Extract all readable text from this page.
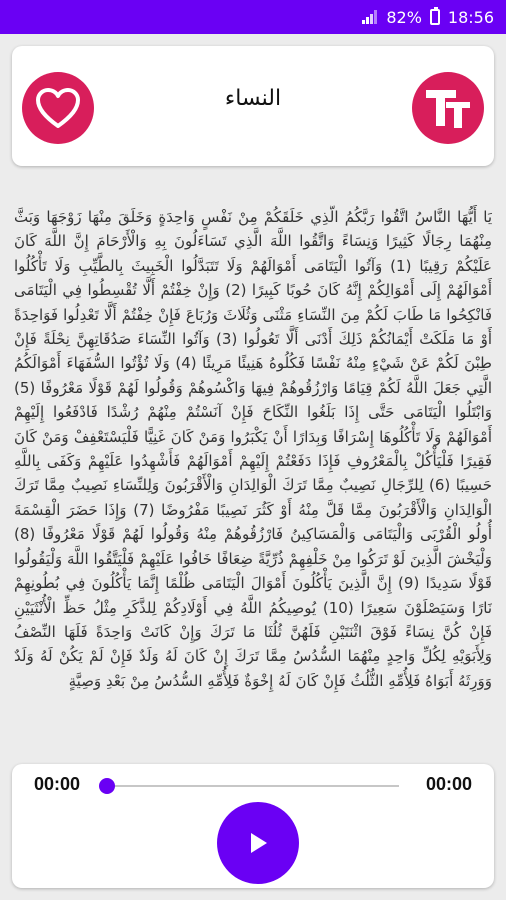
82% 18:56
النساء

يَا أَيُّهَا النَّاسُ اتَّقُوا رَبَّكُمُ الَّذِي خَلَقَكُمْ مِنْ نَفْسٍ وَاحِدَةٍ وَخَلَقَ مِنْهَا زَوْجَهَا وَبَثَّ مِنْهُمَا رِجَالًا كَثِيرًا وَنِسَاءً وَاتَّقُوا اللَّهَ الَّذِي تَسَاءَلُونَ بِهِ وَالْأَرْحَامَ إِنَّ اللَّهَ كَانَ عَلَيْكُمْ رَقِيبًا (1) وَآتُوا الْيَتَامَى أَمْوَالَهُمْ وَلَا تَتَبَدَّلُوا الْخَبِيثَ بِالطَّيِّبِ وَلَا تَأْكُلُوا أَمْوَالَهُمْ إِلَى أَمْوَالِكُمْ إِنَّهُ كَانَ حُوبًا كَبِيرًا (2) وَإِنْ خِفْتُمْ أَلَّا تُقْسِطُوا فِي الْيَتَامَى فَانْكِحُوا مَا طَابَ لَكُمْ مِنَ النِّسَاءِ مَثْنَى وَثُلَاثَ وَرُبَاعَ فَإِنْ خِفْتُمْ أَلَّا تَعْدِلُوا فَوَاحِدَةً أَوْ مَا مَلَكَتْ أَيْمَانُكُمْ ذَلِكَ أَدْنَى أَلَّا تَعُولُوا (3) وَآتُوا النِّسَاءَ صَدُقَاتِهِنَّ نِحْلَةً فَإِنْ طِبْنَ لَكُمْ عَنْ شَيْءٍ مِنْهُ نَفْسًا فَكُلُوهُ هَنِيئًا مَرِيئًا (4) وَلَا تُؤْتُوا السُّفَهَاءَ أَمْوَالَكُمُ الَّتِي جَعَلَ اللَّهُ لَكُمْ قِيَامًا وَارْزُقُوهُمْ فِيهَا وَاكْسُوهُمْ وَقُولُوا لَهُمْ قَوْلًا مَعْرُوفًا (5) وَابْتَلُوا الْيَتَامَى حَتَّى إِذَا بَلَغُوا النِّكَاحَ فَإِنْ آنَسْتُمْ مِنْهُمْ رُشْدًا فَادْفَعُوا إِلَيْهِمْ أَمْوَالَهُمْ وَلَا تَأْكُلُوهَا إِسْرَافًا وَبِدَارًا أَنْ يَكْبَرُوا وَمَنْ كَانَ غَنِيًّا فَلْيَسْتَعْفِفْ وَمَنْ كَانَ فَقِيرًا فَلْيَأْكُلْ بِالْمَعْرُوفِ فَإِذَا دَفَعْتُمْ إِلَيْهِمْ أَمْوَالَهُمْ فَأَشْهِدُوا عَلَيْهِمْ وَكَفَى بِاللَّهِ حَسِيبًا (6) لِلرِّجَالِ نَصِيبٌ مِمَّا تَرَكَ الْوَالِدَانِ وَالْأَقْرَبُونَ وَلِلنِّسَاءِ نَصِيبٌ مِمَّا تَرَكَ الْوَالِدَانِ وَالْأَقْرَبُونَ مِمَّا قَلَّ مِنْهُ أَوْ كَثُرَ نَصِيبًا مَفْرُوضًا (7) وَإِذَا حَضَرَ الْقِسْمَةَ أُولُو الْقُرْبَى وَالْيَتَامَى وَالْمَسَاكِينُ فَارْزُقُوهُمْ مِنْهُ وَقُولُوا لَهُمْ قَوْلًا مَعْرُوفًا (8) وَلْيَخْشَ الَّذِينَ لَوْ تَرَكُوا مِنْ خَلْفِهِمْ ذُرِّيَّةً ضِعَافًا خَافُوا عَلَيْهِمْ فَلْيَتَّقُوا اللَّهَ وَلْيَقُولُوا قَوْلًا سَدِيدًا (9) إِنَّ الَّذِينَ يَأْكُلُونَ أَمْوَالَ الْيَتَامَى ظُلْمًا إِنَّمَا يَأْكُلُونَ فِي بُطُونِهِمْ نَارًا وَسَيَصْلَوْنَ سَعِيرًا (10) يُوصِيكُمُ اللَّهُ فِي أَوْلَادِكُمْ لِلذَّكَرِ مِثْلُ حَظِّ الْأُنْثَيَيْنِ فَإِنْ كُنَّ نِسَاءً فَوْقَ اثْنَتَيْنِ فَلَهُنَّ ثُلُثَا مَا تَرَكَ وَإِنْ كَانَتْ وَاحِدَةً فَلَهَا النِّصْفُ وَلِأَبَوَيْهِ لِكُلِّ وَاحِدٍ مِنْهُمَا السُّدُسُ مِمَّا تَرَكَ إِنْ كَانَ لَهُ وَلَدٌ فَإِنْ لَمْ يَكُنْ لَهُ وَلَدٌ وَوَرِثَهُ أَبَوَاهُ فَلِأُمِّهِ الثُّلُثُ فَإِنْ كَانَ لَهُ إِخْوَةٌ فَلِأُمِّهِ السُّدُسُ مِنْ بَعْدِ وَصِيَّةٍ

00:00	00:00
